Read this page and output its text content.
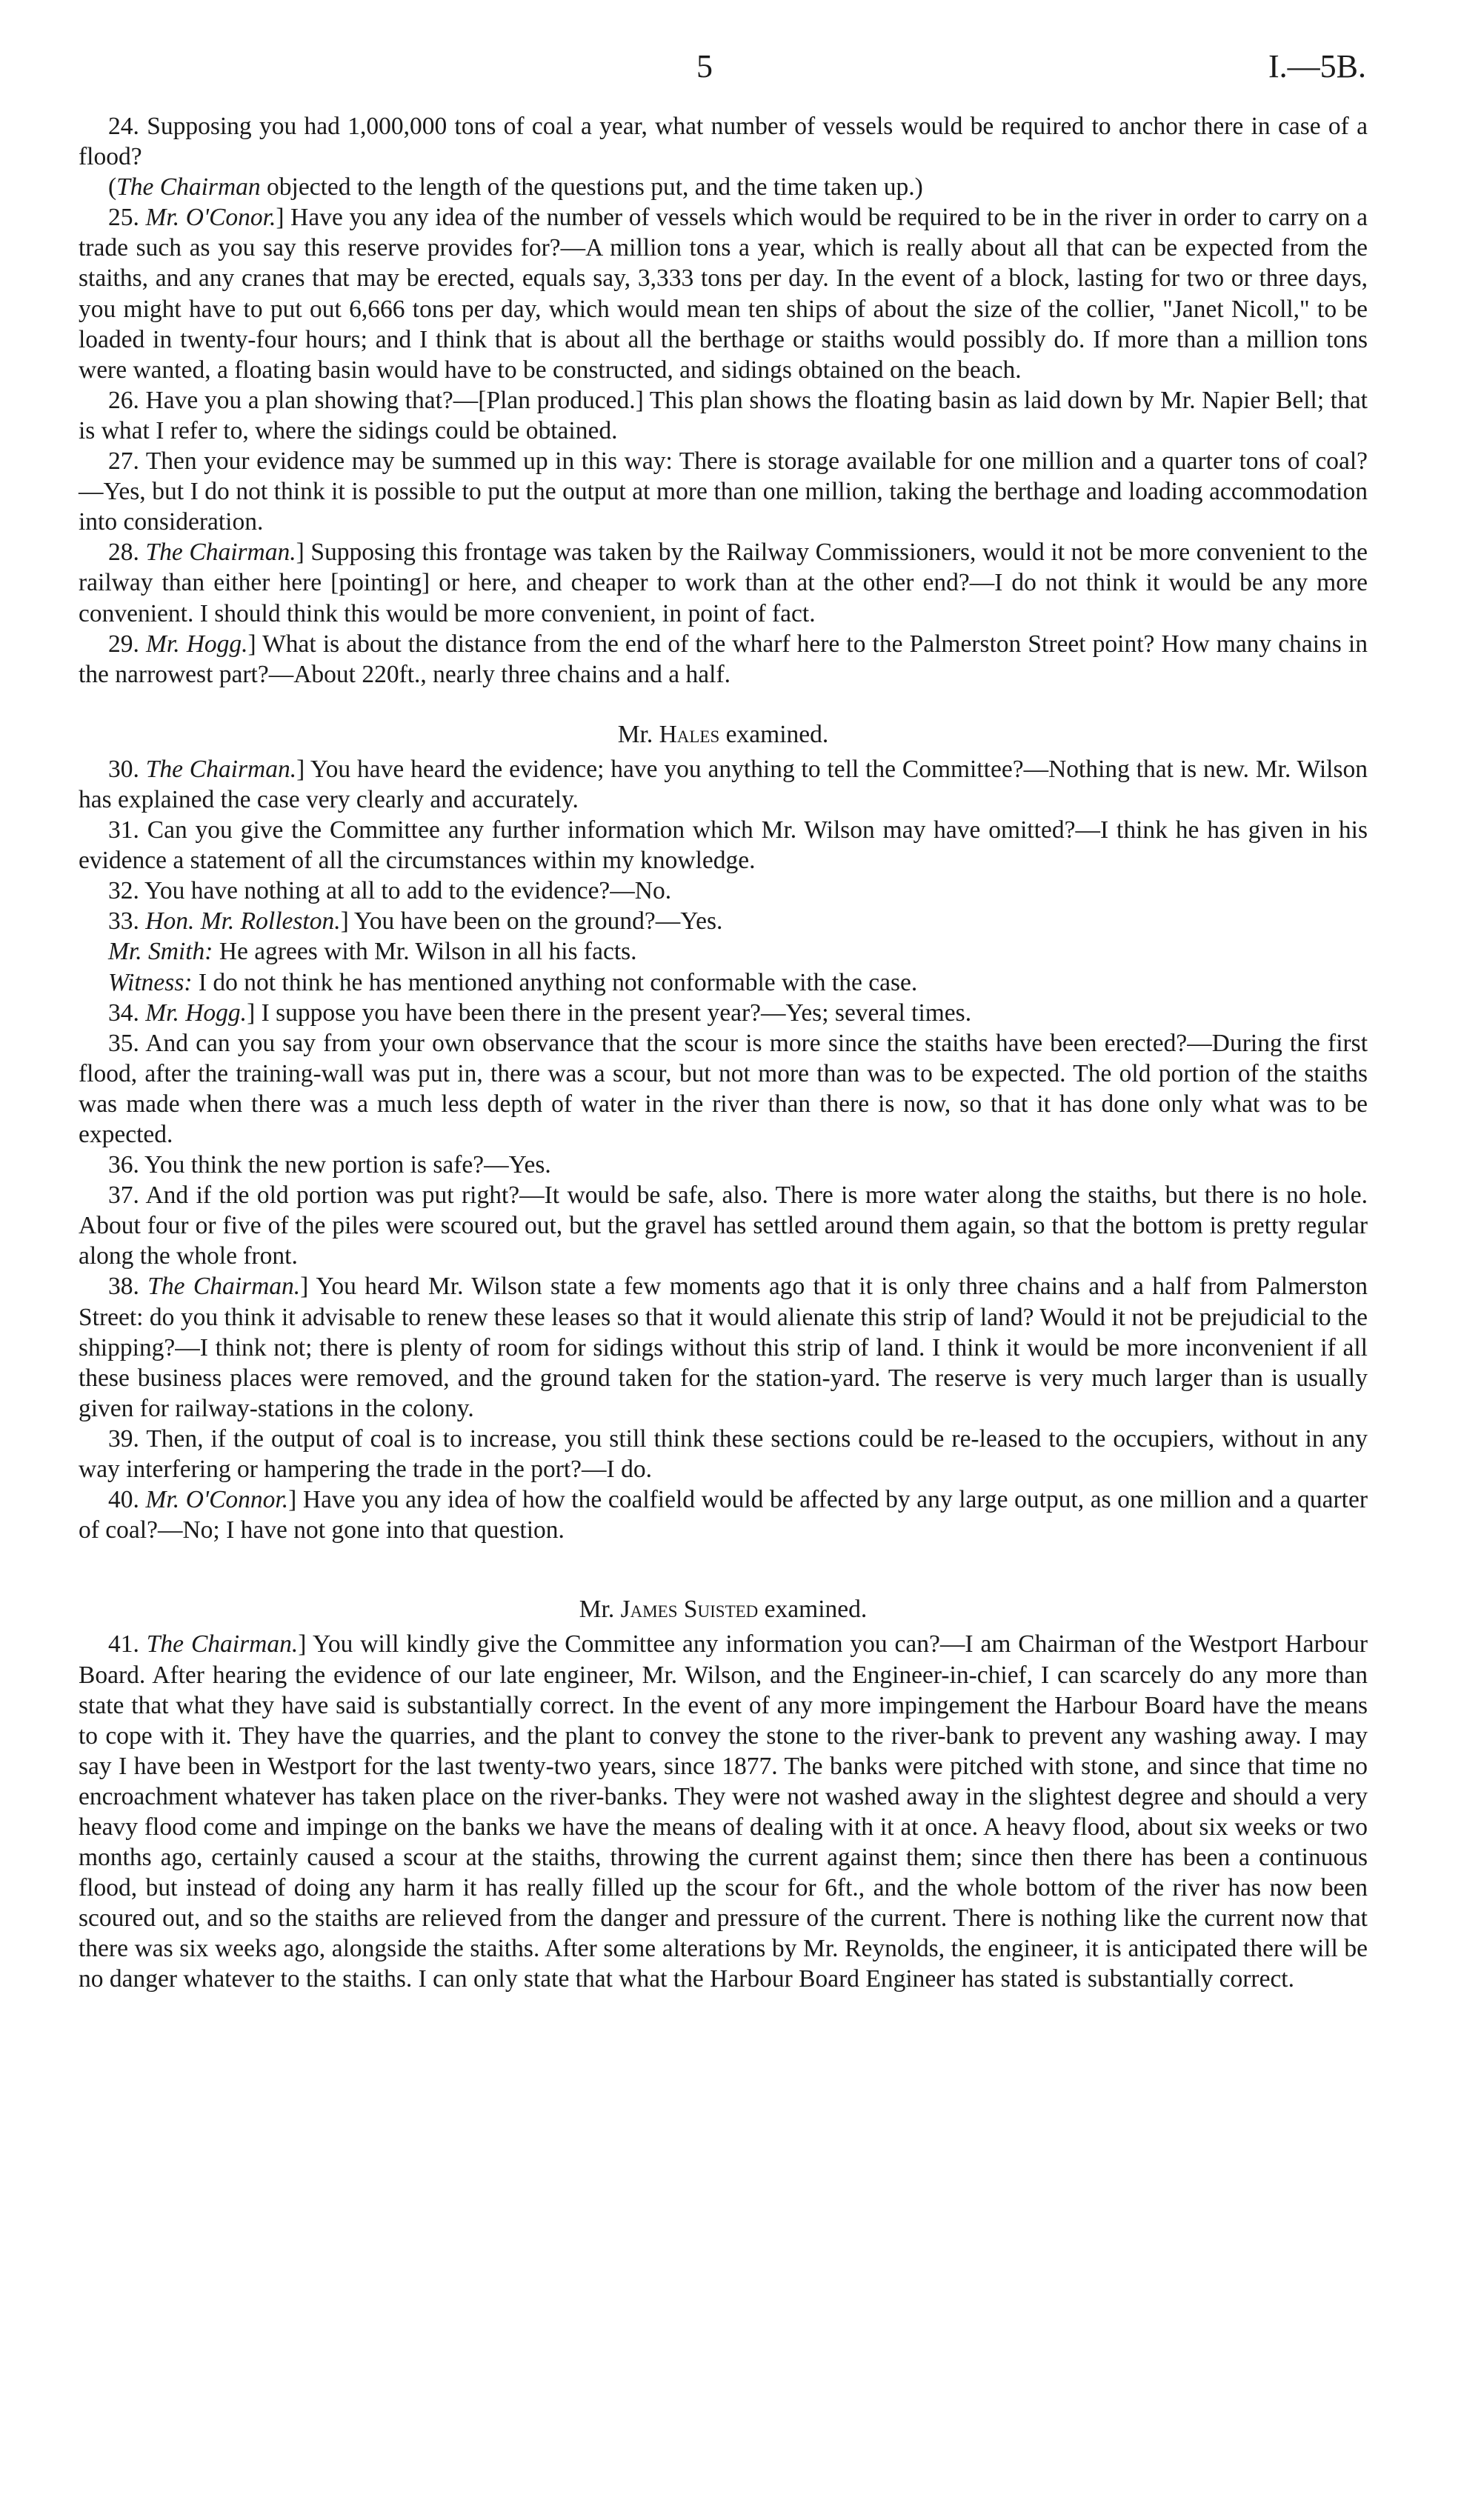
5	I.—5B.

24. Supposing you had 1,000,000 tons of coal a year, what number of vessels would be required to anchor there in case of a flood?

(The Chairman objected to the length of the questions put, and the time taken up.)

25. Mr. O'Conor.] Have you any idea of the number of vessels which would be required to be in the river in order to carry on a trade such as you say this reserve provides for?—A million tons a year, which is really about all that can be expected from the staiths, and any cranes that may be erected, equals say, 3,333 tons per day. In the event of a block, lasting for two or three days, you might have to put out 6,666 tons per day, which would mean ten ships of about the size of the collier, "Janet Nicoll," to be loaded in twenty-four hours; and I think that is about all the berthage or staiths would possibly do. If more than a million tons were wanted, a floating basin would have to be constructed, and sidings obtained on the beach.

26. Have you a plan showing that?—[Plan produced.] This plan shows the floating basin as laid down by Mr. Napier Bell; that is what I refer to, where the sidings could be obtained.

27. Then your evidence may be summed up in this way: There is storage available for one million and a quarter tons of coal?—Yes, but I do not think it is possible to put the output at more than one million, taking the berthage and loading accommodation into consideration.

28. The Chairman.] Supposing this frontage was taken by the Railway Commissioners, would it not be more convenient to the railway than either here [pointing] or here, and cheaper to work than at the other end?—I do not think it would be any more convenient. I should think this would be more convenient, in point of fact.

29. Mr. Hogg.] What is about the distance from the end of the wharf here to the Palmerston Street point? How many chains in the narrowest part?—About 220ft., nearly three chains and a half.

Mr. Hales examined.

30. The Chairman.] You have heard the evidence; have you anything to tell the Committee?—Nothing that is new. Mr. Wilson has explained the case very clearly and accurately.

31. Can you give the Committee any further information which Mr. Wilson may have omitted?—I think he has given in his evidence a statement of all the circumstances within my knowledge.

32. You have nothing at all to add to the evidence?—No.

33. Hon. Mr. Rolleston.] You have been on the ground?—Yes.

Mr. Smith: He agrees with Mr. Wilson in all his facts.

Witness: I do not think he has mentioned anything not conformable with the case.

34. Mr. Hogg.] I suppose you have been there in the present year?—Yes; several times.

35. And can you say from your own observance that the scour is more since the staiths have been erected?—During the first flood, after the training-wall was put in, there was a scour, but not more than was to be expected. The old portion of the staiths was made when there was a much less depth of water in the river than there is now, so that it has done only what was to be expected.

36. You think the new portion is safe?—Yes.

37. And if the old portion was put right?—It would be safe, also. There is more water along the staiths, but there is no hole. About four or five of the piles were scoured out, but the gravel has settled around them again, so that the bottom is pretty regular along the whole front.

38. The Chairman.] You heard Mr. Wilson state a few moments ago that it is only three chains and a half from Palmerston Street: do you think it advisable to renew these leases so that it would alienate this strip of land? Would it not be prejudicial to the shipping?—I think not; there is plenty of room for sidings without this strip of land. I think it would be more inconvenient if all these business places were removed, and the ground taken for the station-yard. The reserve is very much larger than is usually given for railway-stations in the colony.

39. Then, if the output of coal is to increase, you still think these sections could be re-leased to the occupiers, without in any way interfering or hampering the trade in the port?—I do.

40. Mr. O'Connor.] Have you any idea of how the coalfield would be affected by any large output, as one million and a quarter of coal?—No; I have not gone into that question.

Mr. James Suisted examined.

41. The Chairman.] You will kindly give the Committee any information you can?—I am Chairman of the Westport Harbour Board. After hearing the evidence of our late engineer, Mr. Wilson, and the Engineer-in-chief, I can scarcely do any more than state that what they have said is substantially correct. In the event of any more impingement the Harbour Board have the means to cope with it. They have the quarries, and the plant to convey the stone to the river-bank to prevent any washing away. I may say I have been in Westport for the last twenty-two years, since 1877. The banks were pitched with stone, and since that time no encroachment whatever has taken place on the river-banks. They were not washed away in the slightest degree and should a very heavy flood come and impinge on the banks we have the means of dealing with it at once. A heavy flood, about six weeks or two months ago, certainly caused a scour at the staiths, throwing the current against them; since then there has been a continuous flood, but instead of doing any harm it has really filled up the scour for 6ft., and the whole bottom of the river has now been scoured out, and so the staiths are relieved from the danger and pressure of the current. There is nothing like the current now that there was six weeks ago, alongside the staiths. After some alterations by Mr. Reynolds, the engineer, it is anticipated there will be no danger whatever to the staiths. I can only state that what the Harbour Board Engineer has stated is substantially correct.
